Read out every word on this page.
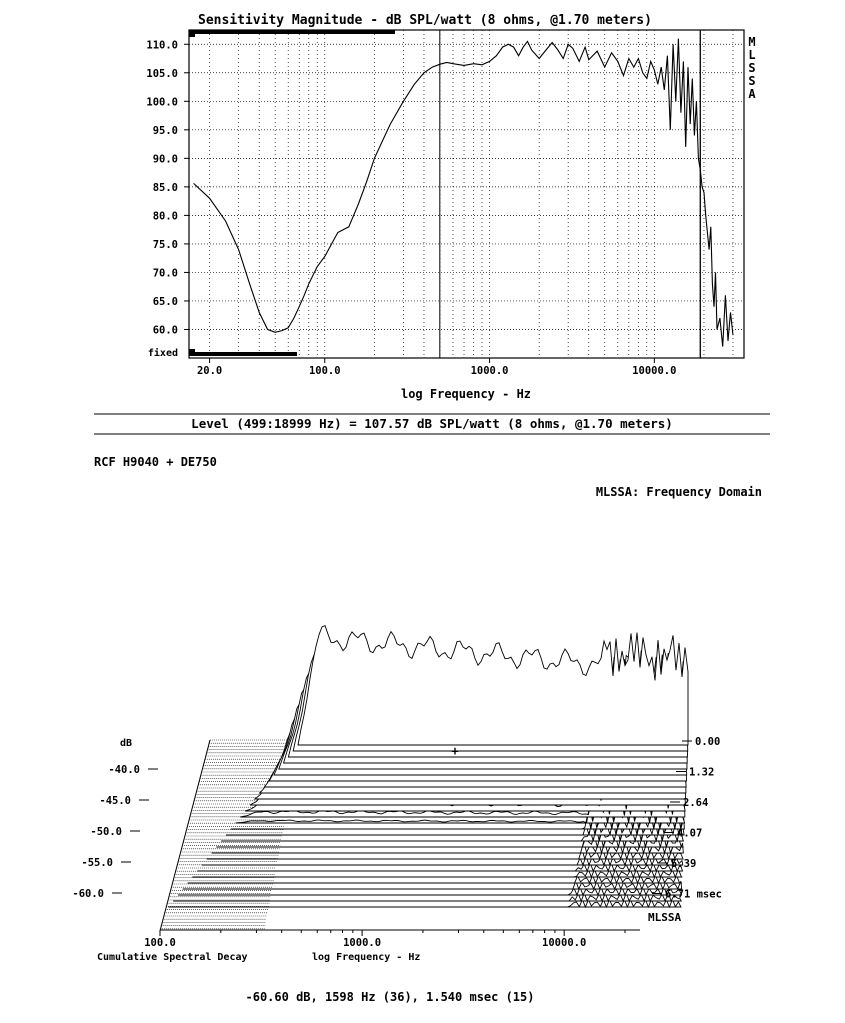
Sensitivity Magnitude - dB SPL/watt (8 ohms, @1.70 meters)
60.0
65.0
70.0
75.0
80.0
85.0
90.0
95.0
100.0
105.0
110.0
20.0	100.0	1000.0	10000.0
fixed
M
L
S
S
A
log Frequency - Hz
Level (499:18999 Hz) = 107.57 dB SPL/watt (8 ohms, @1.70 meters)
RCF H9040 + DE750
MLSSA: Frequency Domain
-40.0
-45.0
-50.0
-55.0
-60.0
0.00
1.32
2.64
4.07
5.39
6.71 msec
100.0	1000.0	10000.0
dB
MLSSA
Cumulative Spectral Decay	log Frequency - Hz
+
-60.60 dB, 1598 Hz (36), 1.540 msec (15)
